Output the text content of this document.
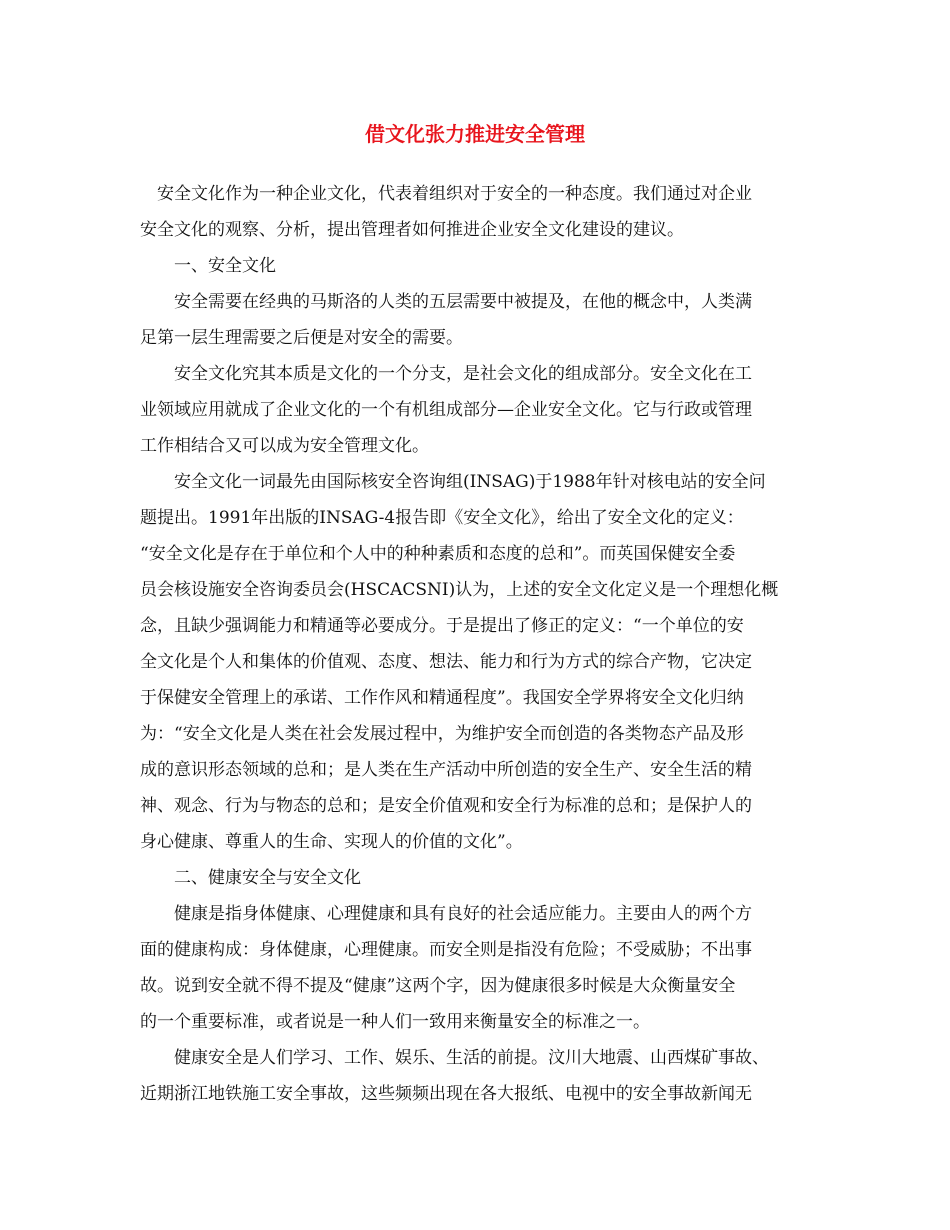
借文化张力推进安全管理
安全文化作为一种企业文化，代表着组织对于安全的一种态度。我们通过对企业
安全文化的观察、分析，提出管理者如何推进企业安全文化建设的建议。
一、安全文化
安全需要在经典的马斯洛的人类的五层需要中被提及，在他的概念中，人类满
足第一层生理需要之后便是对安全的需要。
安全文化究其本质是文化的一个分支，是社会文化的组成部分。安全文化在工
业领域应用就成了企业文化的一个有机组成部分—企业安全文化。它与行政或管理
工作相结合又可以成为安全管理文化。
安全文化一词最先由国际核安全咨询组(INSAG)于1988年针对核电站的安全问
题提出。1991年出版的INSAG-4报告即《安全文化》，给出了安全文化的定义：
“安全文化是存在于单位和个人中的种种素质和态度的总和”。而英国保健安全委
员会核设施安全咨询委员会(HSCACSNI)认为，上述的安全文化定义是一个理想化概
念，且缺少强调能力和精通等必要成分。于是提出了修正的定义：“一个单位的安
全文化是个人和集体的价值观、态度、想法、能力和行为方式的综合产物，它决定
于保健安全管理上的承诺、工作作风和精通程度”。我国安全学界将安全文化归纳
为：“安全文化是人类在社会发展过程中，为维护安全而创造的各类物态产品及形
成的意识形态领域的总和；是人类在生产活动中所创造的安全生产、安全生活的精
神、观念、行为与物态的总和；是安全价值观和安全行为标准的总和；是保护人的
身心健康、尊重人的生命、实现人的价值的文化”。
二、健康安全与安全文化
健康是指身体健康、心理健康和具有良好的社会适应能力。主要由人的两个方
面的健康构成：身体健康，心理健康。而安全则是指没有危险；不受威胁；不出事
故。说到安全就不得不提及“健康”这两个字，因为健康很多时候是大众衡量安全
的一个重要标准，或者说是一种人们一致用来衡量安全的标准之一。
健康安全是人们学习、工作、娱乐、生活的前提。汶川大地震、山西煤矿事故、
近期浙江地铁施工安全事故，这些频频出现在各大报纸、电视中的安全事故新闻无
